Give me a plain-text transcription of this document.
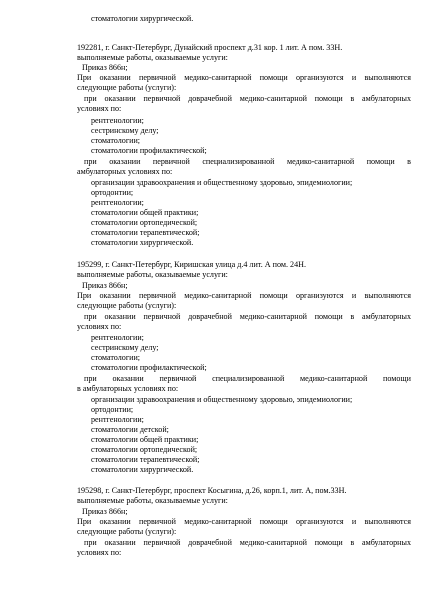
стоматологии хирургической.
192281, г. Санкт-Петербург, Дунайский проспект д.31 кор. 1 лит. А пом. 33Н.
выполняемые работы, оказываемые услуги:
Приказ 866н;
При оказании первичной медико-санитарной помощи организуются и выполняются
следующие работы (услуги):
при оказании первичной доврачебной медико-санитарной помощи в амбулаторных
условиях по:
рентгенологии;
сестринскому делу;
стоматологии;
стоматологии профилактической;
при оказании первичной специализированной медико-санитарной помощи в
амбулаторных условиях по:
организации здравоохранения и общественному здоровью, эпидемиологии;
ортодонтии;
рентгенологии;
стоматологии общей практики;
стоматологии ортопедической;
стоматологии терапевтической;
стоматологии хирургической.
195299, г. Санкт-Петербург, Киришская улица д.4 лит. А пом. 24Н.
выполняемые работы, оказываемые услуги:
Приказ 866н;
При оказании первичной медико-санитарной помощи организуются и выполняются
следующие работы (услуги):
при оказании первичной доврачебной медико-санитарной помощи в амбулаторных
условиях по:
рентгенологии;
сестринскому делу;
стоматологии;
стоматологии профилактической;
при оказании первичной специализированной медико-санитарной помощи
в амбулаторных условиях по:
организации здравоохранения и общественному здоровью, эпидемиологии;
ортодонтии;
рентгенологии;
стоматологии детской;
стоматологии общей практики;
стоматологии ортопедической;
стоматологии терапевтической;
стоматологии хирургической.
195298, г. Санкт-Петербург, проспект Косыгина, д.26, корп.1, лит. А, пом.33Н.
выполняемые работы, оказываемые услуги:
Приказ 866н;
При оказании первичной медико-санитарной помощи организуются и выполняются
следующие работы (услуги):
при оказании первичной доврачебной медико-санитарной помощи в амбулаторных
условиях по:
